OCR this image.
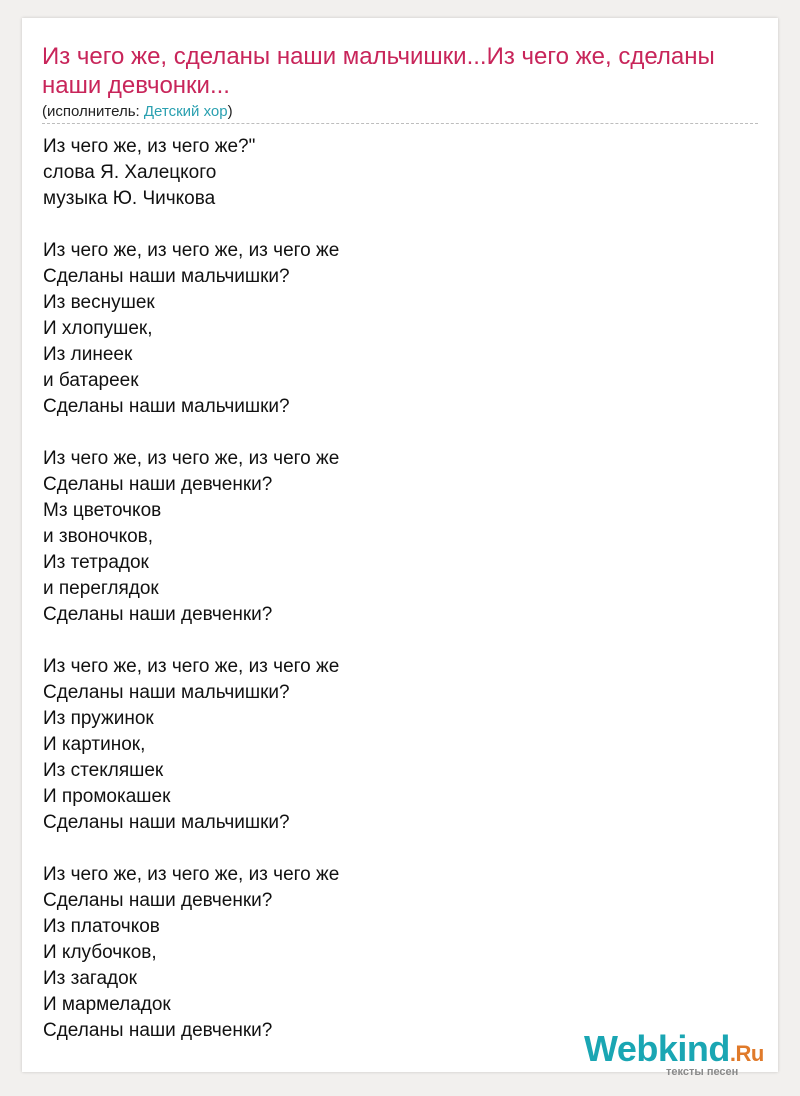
Из чего же, сделаны наши мальчишки...Из чего же, сделаны наши девчонки...
(исполнитель: Детский хор)
Из чего же, из чего же?"
слова Я. Халецкого
музыка Ю. Чичкова
Из чего же, из чего же, из чего же
Сделаны наши мальчишки?
Из веснушек
И хлопушек,
Из линеек
и батареек
Сделаны наши мальчишки?
Из чего же, из чего же, из чего же
Сделаны наши девченки?
Мз цветочков
и звоночков,
Из тетрадок
и переглядок
Сделаны наши девченки?
Из чего же, из чего же, из чего же
Сделаны наши мальчишки?
Из пружинок
И картинок,
Из стекляшек
И промокашек
Сделаны наши мальчишки?
Из чего же, из чего же, из чего же
Сделаны наши девченки?
Из платочков
И клубочков,
Из загадок
И мармеладок
Сделаны наши девченки?	Webkind.Ru
тексты песен
